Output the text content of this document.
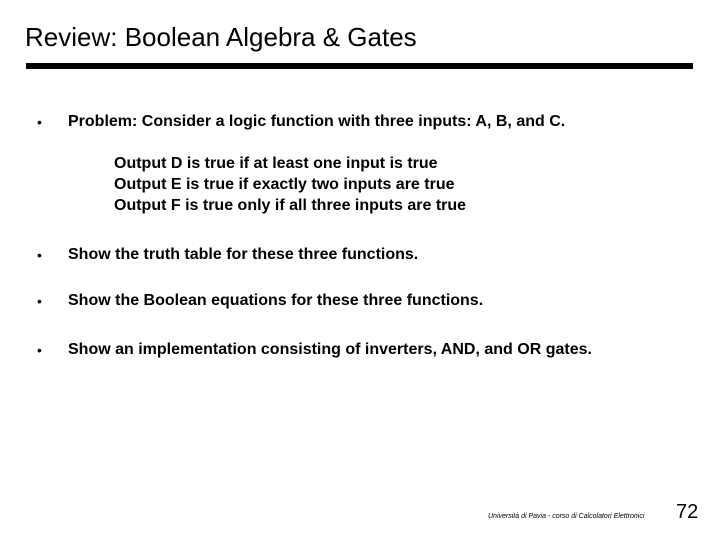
Review: Boolean Algebra & Gates
• Problem: Consider a logic function with three inputs: A, B, and C.
Output D is true if at least one input is true
Output E is true if exactly two inputs are true
Output F is true only if all three inputs are true
• Show the truth table for these three functions.
• Show the Boolean equations for these three functions.
• Show an implementation consisting of inverters, AND, and OR gates.
Università di Pavia - corso di Calcolatori Elettronici 72
